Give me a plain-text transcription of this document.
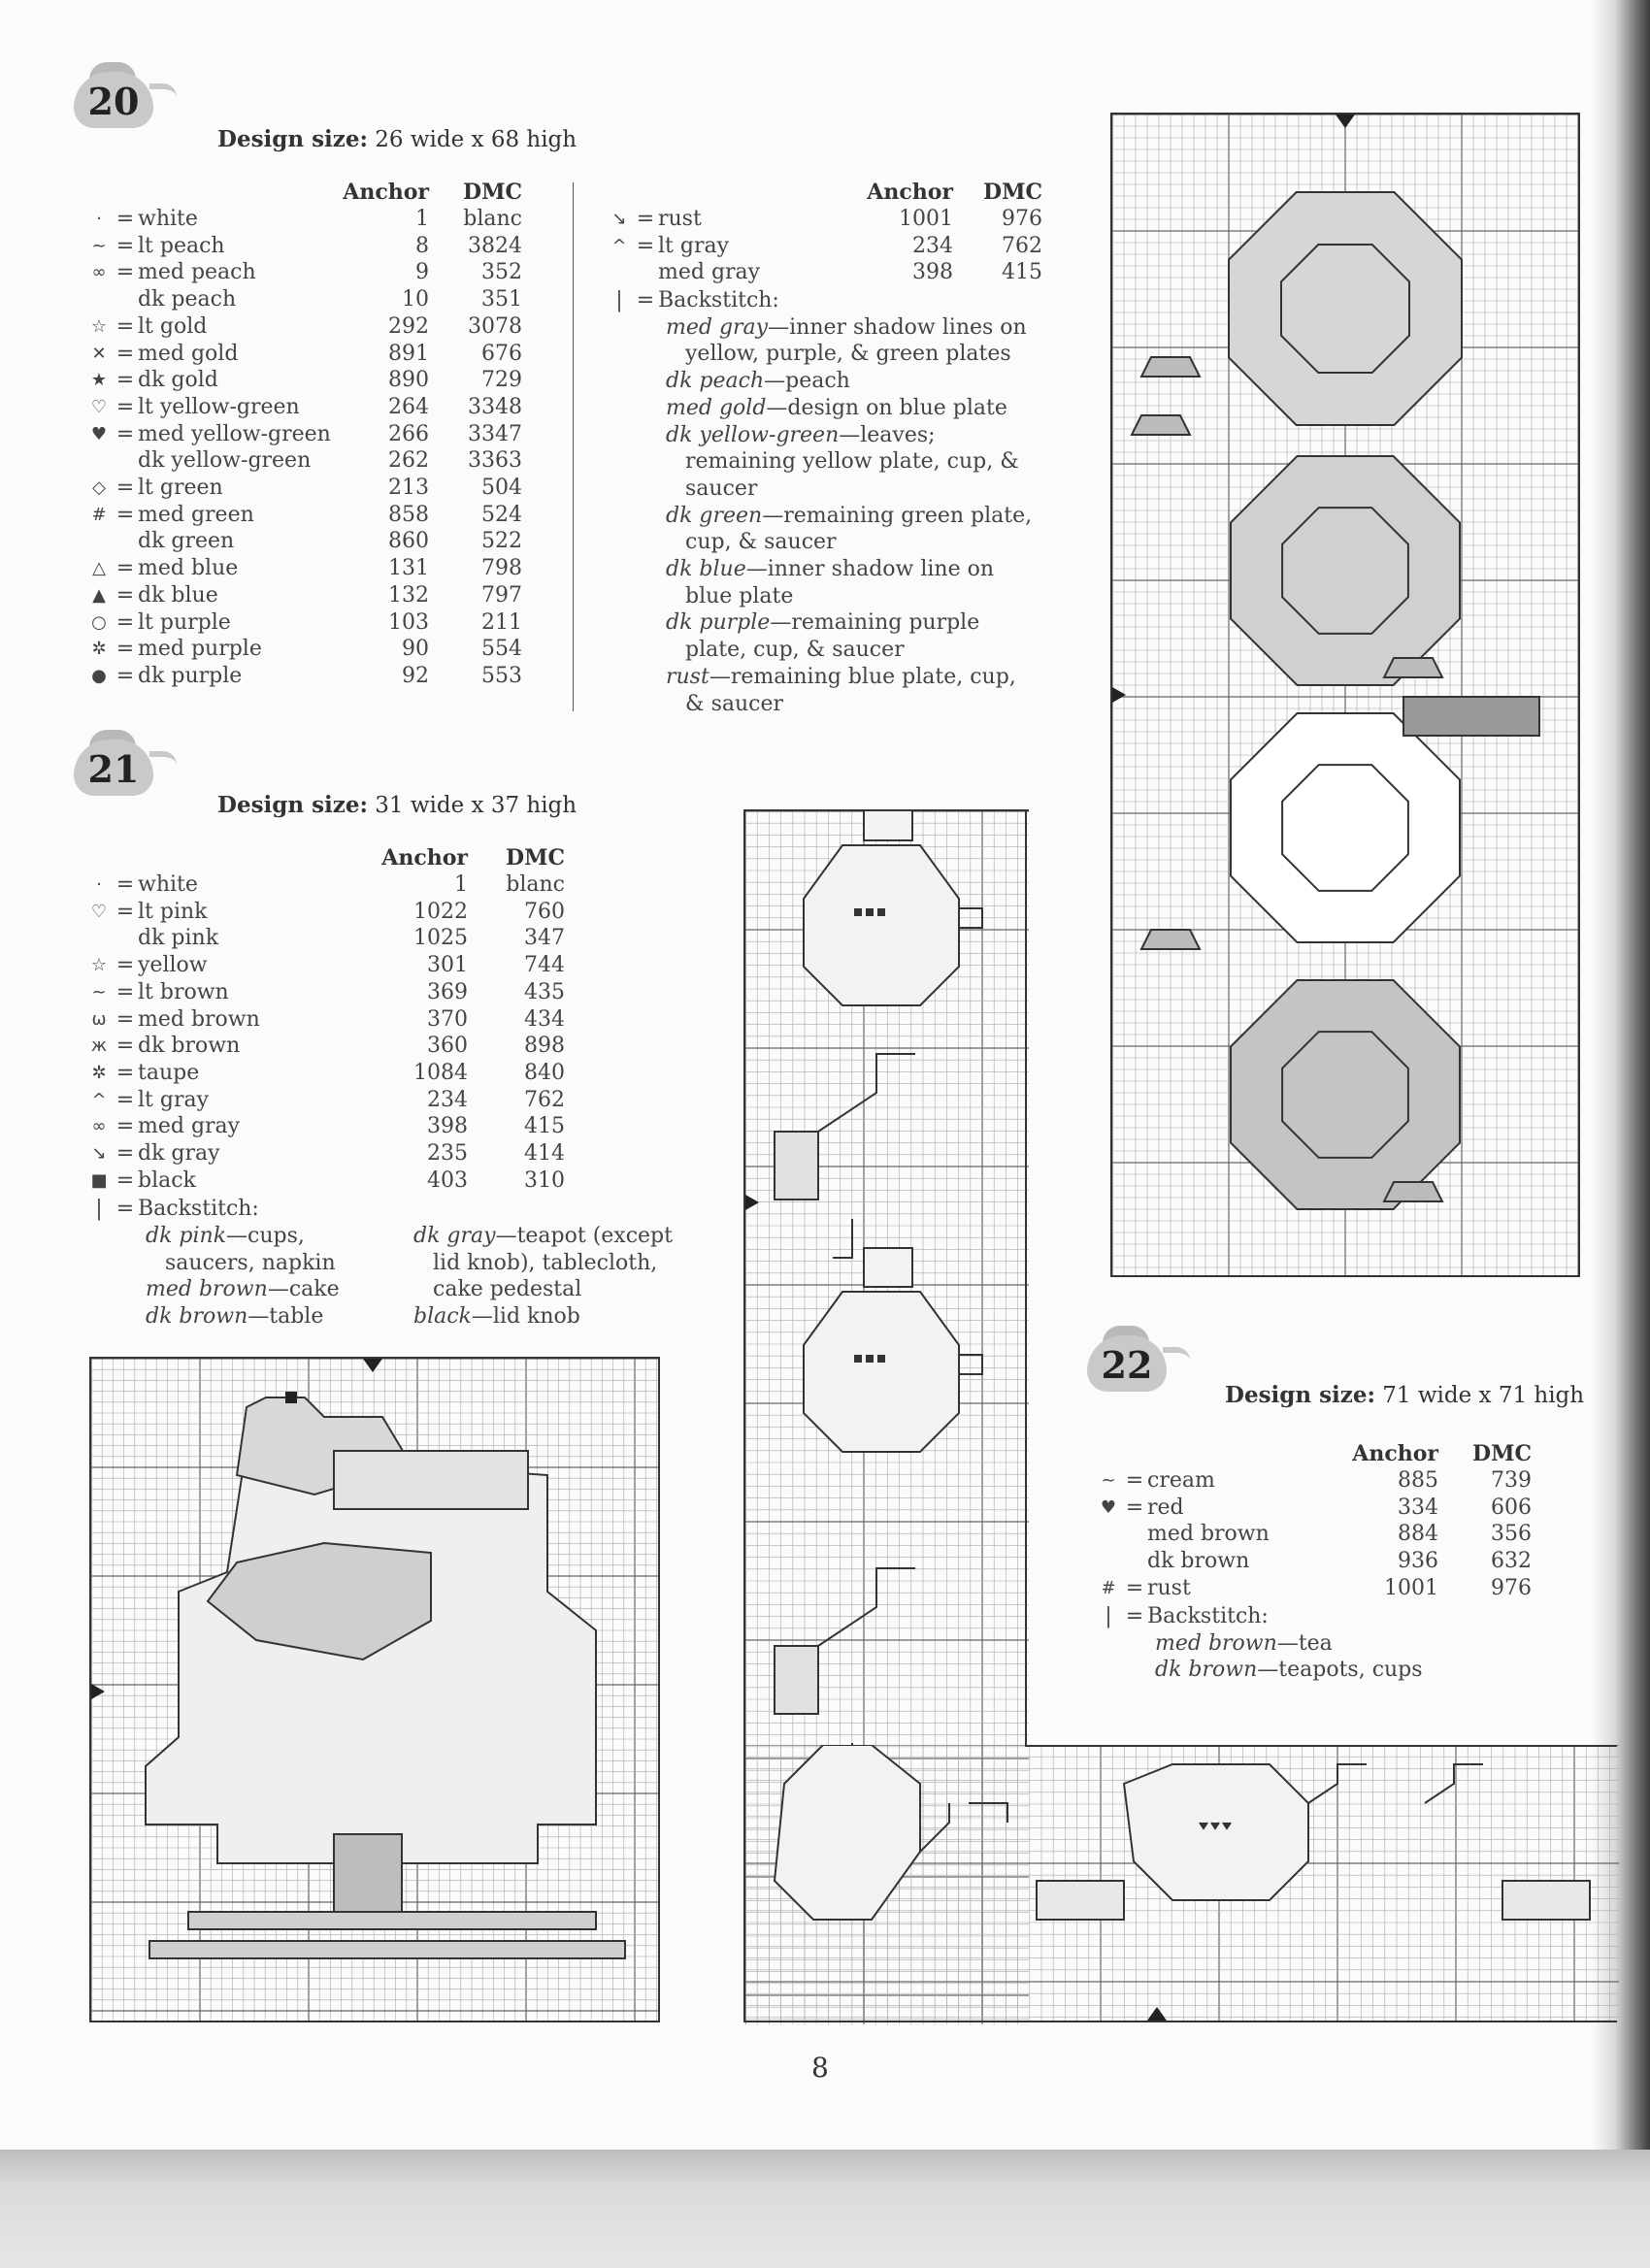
20
Design size: 26 wide x 68 high
			Anchor	DMC
·	=	white	1	blanc
~	=	lt peach	8	3824
∞	=	med peach	9	352
		dk peach	10	351
☆	=	lt gold	292	3078
✕	=	med gold	891	676
★	=	dk gold	890	729
♡	=	lt yellow-green	264	3348
♥	=	med yellow-green	266	3347
		dk yellow-green	262	3363
◇	=	lt green	213	504
#	=	med green	858	524
		dk green	860	522
△	=	med blue	131	798
▲	=	dk blue	132	797
○	=	lt purple	103	211
✲	=	med purple	90	554
●	=	dk purple	92	553
			Anchor	DMC
↘	=	rust	1001	976
^	=	lt gray	234	762
		med gray	398	415
| = Backstitch:
med gray—inner shadow lines on
yellow, purple, & green plates
dk peach—peach
med gold—design on blue plate
dk yellow-green—leaves;
remaining yellow plate, cup, & saucer
dk green—remaining green plate,
cup, & saucer
dk blue—inner shadow line on
blue plate
dk purple—remaining purple
plate, cup, & saucer
rust—remaining blue plate, cup,
& saucer
21
Design size: 31 wide x 37 high
			Anchor	DMC
·	=	white	1	blanc
♡	=	lt pink	1022	760
		dk pink	1025	347
☆	=	yellow	301	744
~	=	lt brown	369	435
ω	=	med brown	370	434
ж	=	dk brown	360	898
✲	=	taupe	1084	840
^	=	lt gray	234	762
∞	=	med gray	398	415
↘	=	dk gray	235	414
■	=	black	403	310
| = Backstitch:
dk pink—cups,
saucers, napkin
med brown—cake
dk brown—table
dk gray—teapot (except
lid knob), tablecloth, cake pedestal
black—lid knob
22
Design size: 71 wide x 71 high
			Anchor	DMC
~	=	cream	885	739
♥	=	red	334	606
		med brown	884	356
		dk brown	936	632
#	=	rust	1001	976
| = Backstitch:
med brown—tea
dk brown—teapots, cups
8
